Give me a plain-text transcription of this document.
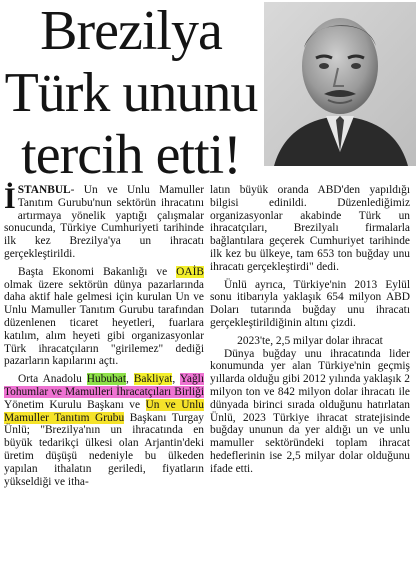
Brezilya
Türk ununu
tercih etti!

İSTANBUL- Un ve Unlu Mamuller Tanıtım Gurubu'nun sektörün ihracatını artırmaya yönelik yaptığı çalışmalar sonucunda, Türkiye Cumhuriyeti tarihinde ilk kez Brezilya'ya un ihracatı gerçekleştirildi.

Başta Ekonomi Bakanlığı ve OAİB olmak üzere sektörün dünya pazarlarında daha aktif hale gelmesi için kurulan Un ve Unlu Mamuller Tanıtım Gurubu tarafından düzenlenen ticaret heyetleri, fuarlara katılım, alım heyeti gibi organizasyonlar Türk ihracatçıların "girilemez" dediği pazarların kapılarını açtı.

Orta Anadolu Hububat, Bakliyat, Yağlı Tohumlar ve Mamulleri İhracatçıları Birliği Yönetim Kurulu Başkanı ve Un ve Unlu Mamuller Tanıtım Grubu Başkanı Turgay Ünlü; "Brezilya'nın un ihracatında en büyük tedarikçi ülkesi olan Arjantin'deki üretim düşüşü nedeniyle bu ülkeden yapılan ithalatın geriledi, fiyatların yükseldiği ve itha-

latın büyük oranda ABD'den yapıldığı bilgisi edinildi. Düzenlediğimiz organizasyonlar akabinde Türk un ihracatçıları, Brezilyalı firmalarla bağlantılara geçerek Cumhuriyet tarihinde ilk kez bu ülkeye, tam 653 ton buğday unu ihracatı gerçekleştirdi" dedi.

Ünlü ayrıca, Türkiye'nin 2013 Eylül sonu itibarıyla yaklaşık 654 milyon ABD Doları tutarında buğday unu ihracatı gerçekleştirildiğinin altını çizdi.

2023'te, 2,5 milyar dolar ihracat

Dünya buğday unu ihracatında lider konumunda yer alan Türkiye'nin geçmiş yıllarda olduğu gibi 2012 yılında yaklaşık 2 milyon ton ve 842 milyon dolar ihracatı ile dünyada birinci sırada olduğunu hatırlatan Ünlü, 2023 Türkiye ihracat stratejisinde buğday ununun da yer aldığı un ve unlu mamuller sektöründeki toplam ihracat hedeflerinin ise 2,5 milyar dolar olduğunu ifade etti.
